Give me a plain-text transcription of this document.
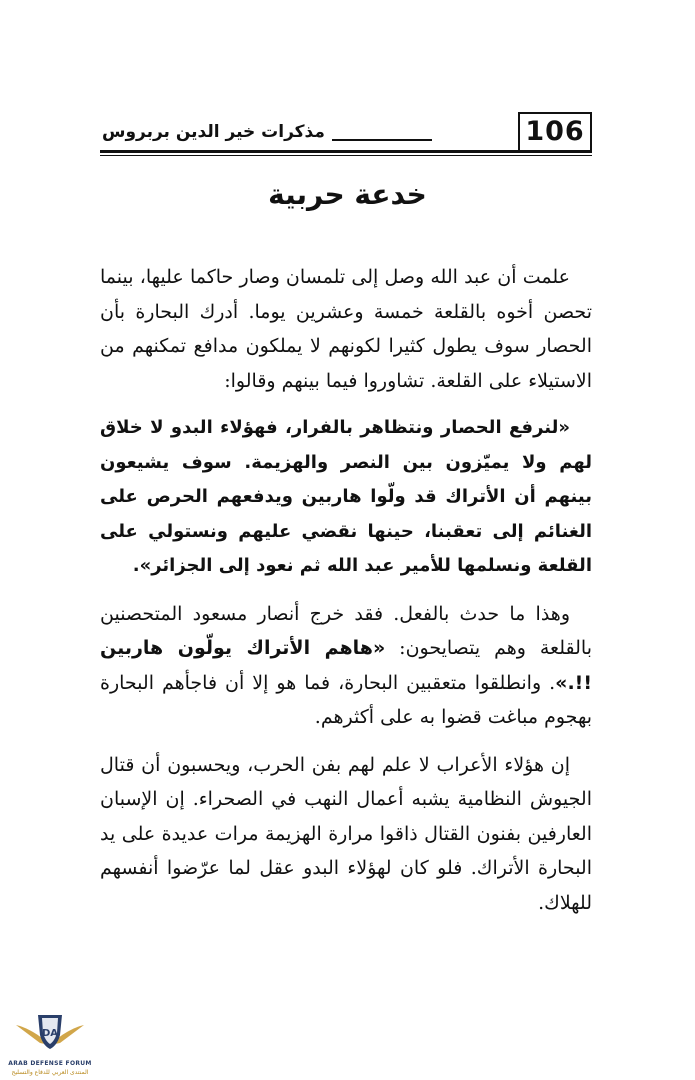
106
مذكرات خير الدين بربروس
خدعة حربية

علمت أن عبد الله وصل إلى تلمسان وصار حاكما عليها، بينما تحصن أخوه بالقلعة خمسة وعشرين يوما. أدرك البحارة بأن الحصار سوف يطول كثيرا لكونهم لا يملكون مدافع تمكنهم من الاستيلاء على القلعة. تشاوروا فيما بينهم وقالوا:

«لنرفع الحصار ونتظاهر بالفرار، فهؤلاء البدو لا خلاق لهم ولا يميّزون بين النصر والهزيمة. سوف يشيعون بينهم أن الأتراك قد ولّوا هاربين ويدفعهم الحرص على الغنائم إلى تعقبنا، حينها نقضي عليهم ونستولي على القلعة ونسلمها للأمير عبد الله ثم نعود إلى الجزائر».

وهذا ما حدث بالفعل. فقد خرج أنصار مسعود المتحصنين بالقلعة وهم يتصايحون: «هاهم الأتراك يولّون هاربين !!.». وانطلقوا متعقبين البحارة، فما هو إلا أن فاجأهم البحارة بهجوم مباغت قضوا به على أكثرهم.

إن هؤلاء الأعراب لا علم لهم بفن الحرب، ويحسبون أن قتال الجيوش النظامية يشبه أعمال النهب في الصحراء. إن الإسبان العارفين بفنون القتال ذاقوا مرارة الهزيمة مرات عديدة على يد البحارة الأتراك. فلو كان لهؤلاء البدو عقل لما عرّضوا أنفسهم للهلاك.

DA
ARAB DEFENSE FORUM
المنتدى العربي للدفاع والتسليح
